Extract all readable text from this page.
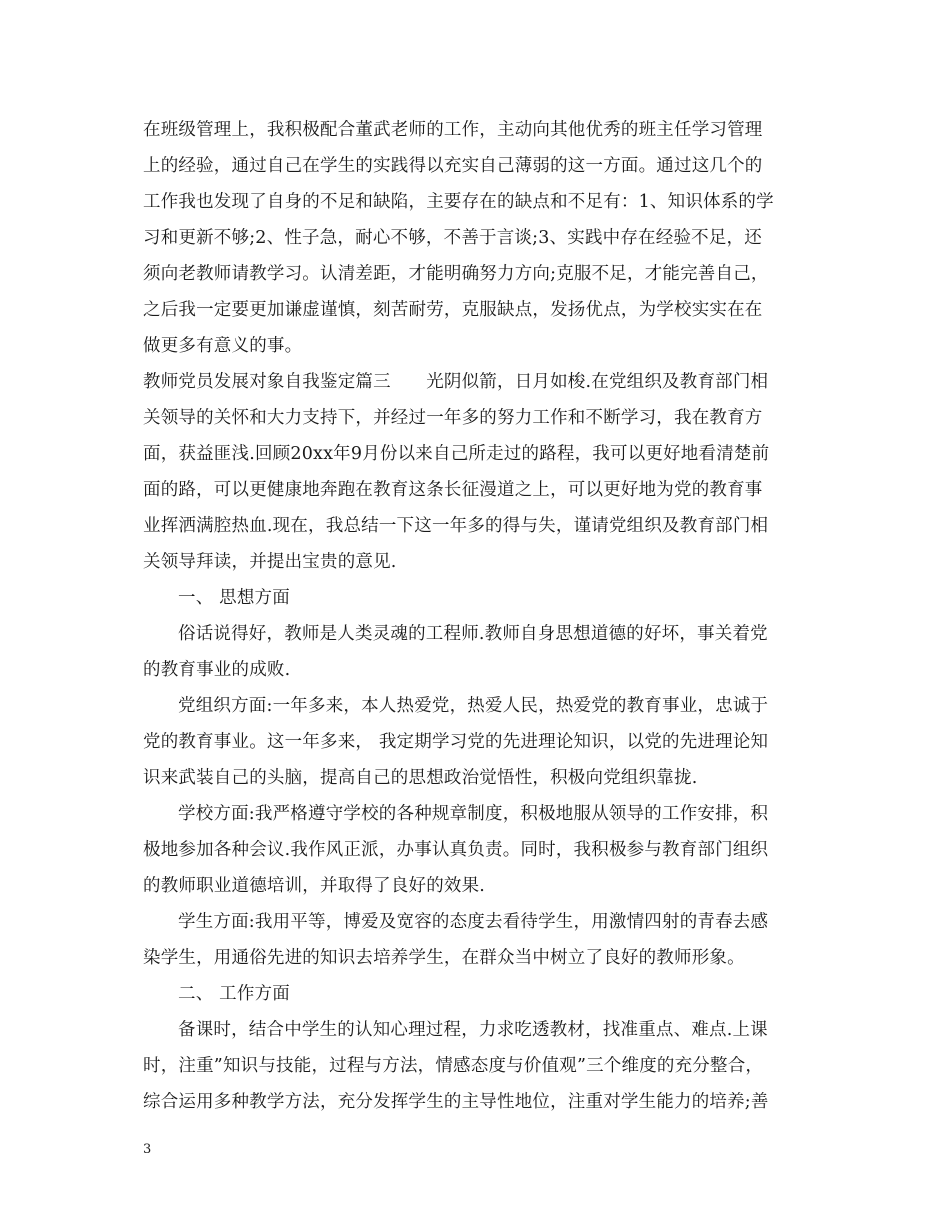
在班级管理上，我积极配合董武老师的工作，主动向其他优秀的班主任学习管理
上的经验，通过自己在学生的实践得以充实自己薄弱的这一方面。通过这几个的
工作我也发现了自身的不足和缺陷，主要存在的缺点和不足有：1、知识体系的学
习和更新不够;2、性子急，耐心不够，不善于言谈;3、实践中存在经验不足，还
须向老教师请教学习。认清差距，才能明确努力方向;克服不足，才能完善自己，
之后我一定要更加谦虚谨慎，刻苦耐劳，克服缺点，发扬优点，为学校实实在在
做更多有意义的事。
教师党员发展对象自我鉴定篇三　　光阴似箭，日月如梭.在党组织及教育部门相
关领导的关怀和大力支持下，并经过一年多的努力工作和不断学习，我在教育方
面，获益匪浅.回顾20xx年9月份以来自己所走过的路程，我可以更好地看清楚前
面的路，可以更健康地奔跑在教育这条长征漫道之上，可以更好地为党的教育事
业挥洒满腔热血.现在，我总结一下这一年多的得与失，谨请党组织及教育部门相
关领导拜读，并提出宝贵的意见.
一、 思想方面
俗话说得好，教师是人类灵魂的工程师.教师自身思想道德的好坏，事关着党
的教育事业的成败.
党组织方面:一年多来，本人热爱党，热爱人民，热爱党的教育事业，忠诚于
党的教育事业。这一年多来， 我定期学习党的先进理论知识，以党的先进理论知
识来武装自己的头脑，提高自己的思想政治觉悟性，积极向党组织靠拢.
学校方面:我严格遵守学校的各种规章制度，积极地服从领导的工作安排，积
极地参加各种会议.我作风正派，办事认真负责。同时，我积极参与教育部门组织
的教师职业道德培训，并取得了良好的效果.
学生方面:我用平等，博爱及宽容的态度去看待学生，用激情四射的青春去感
染学生，用通俗先进的知识去培养学生，在群众当中树立了良好的教师形象。
二、 工作方面
备课时，结合中学生的认知心理过程，力求吃透教材，找准重点、难点.上课
时，注重”知识与技能，过程与方法，情感态度与价值观”三个维度的充分整合，
综合运用多种教学方法，充分发挥学生的主导性地位，注重对学生能力的培养;善
3
